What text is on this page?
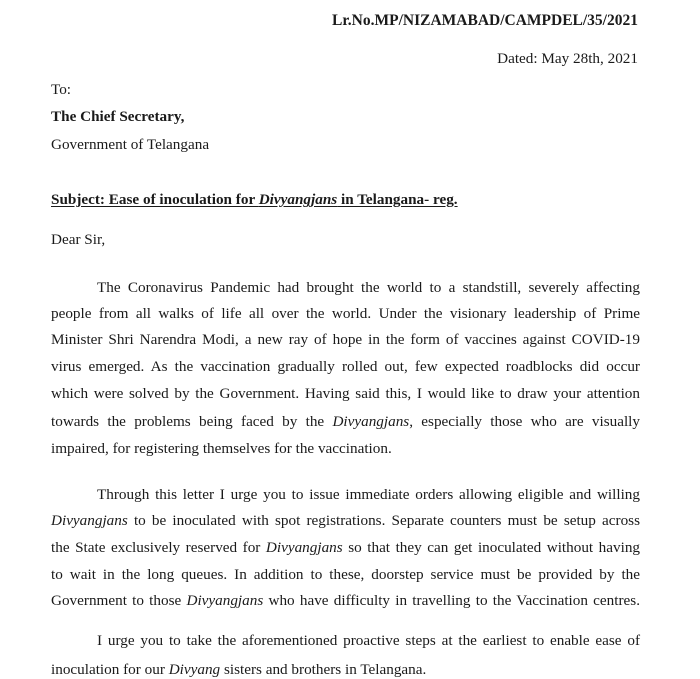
Lr.No.MP/NIZAMABAD/CAMPDEL/35/2021
Dated: May 28th, 2021
To:
The Chief Secretary,
Government of Telangana
Subject: Ease of inoculation for Divyangjans in Telangana- reg.
Dear Sir,
The Coronavirus Pandemic had brought the world to a standstill, severely affecting
people from all walks of life all over the world. Under the visionary leadership of Prime
Minister Shri Narendra Modi, a new ray of hope in the form of vaccines against COVID-19
virus emerged. As the vaccination gradually rolled out, few expected roadblocks did occur
which were solved by the Government. Having said this, I would like to draw your attention
towards the problems being faced by the Divyangjans, especially those who are visually
impaired, for registering themselves for the vaccination.
Through this letter I urge you to issue immediate orders allowing eligible and willing
Divyangjans to be inoculated with spot registrations. Separate counters must be setup across
the State exclusively reserved for Divyangjans so that they can get inoculated without having
to wait in the long queues. In addition to these, doorstep service must be provided by the
Government to those Divyangjans who have difficulty in travelling to the Vaccination centres.
I urge you to take the aforementioned proactive steps at the earliest to enable ease of
inoculation for our Divyang sisters and brothers in Telangana.
